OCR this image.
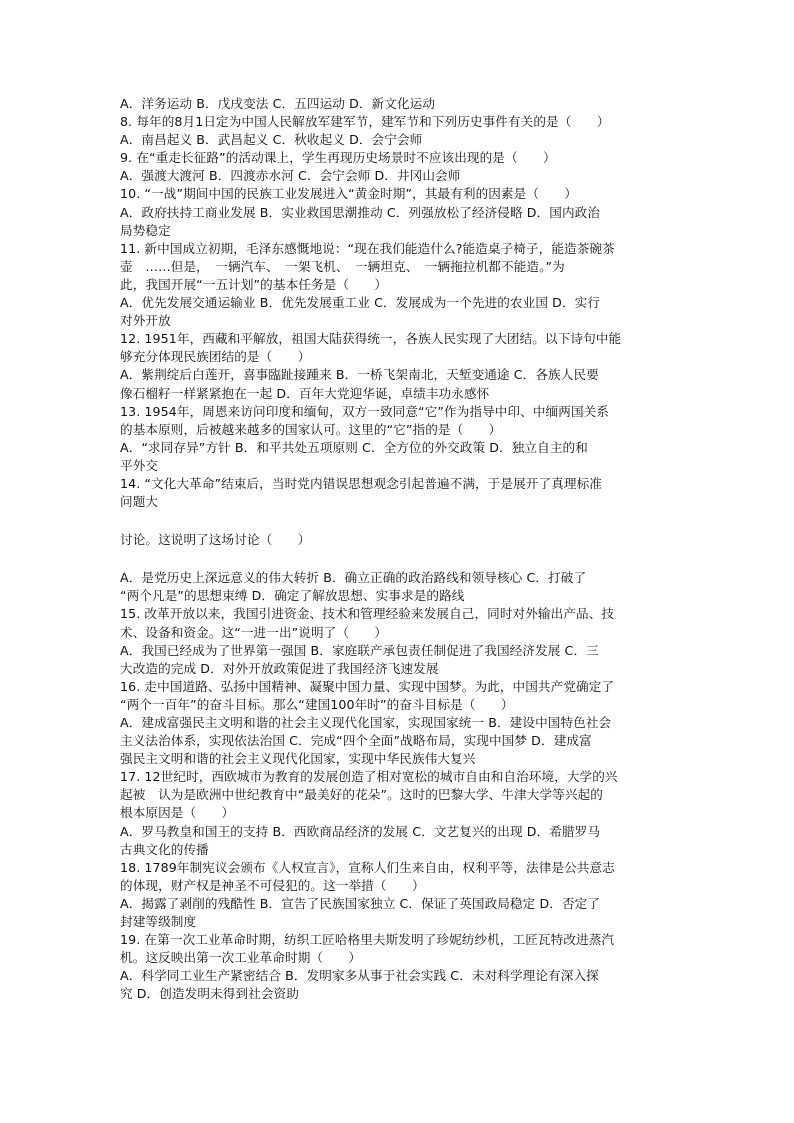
A．洋务运动 B．戊戌变法 C．五四运动 D．新文化运动
8. 每年的8月1日定为中国人民解放军建军节，建军节和下列历史事件有关的是（　　）
A．南昌起义 B．武昌起义 C．秋收起义 D．会宁会师
9. 在“重走长征路”的活动课上，学生再现历史场景时不应该出现的是（　　）
A．强渡大渡河 B．四渡赤水河 C．会宁会师 D．井冈山会师
10. “一战”期间中国的民族工业发展进入“黄金时期”，其最有利的因素是（　　）
A．政府扶持工商业发展 B．实业救国思潮推动 C．列强放松了经济侵略 D．国内政治
局势稳定
11. 新中国成立初期，毛泽东感慨地说：“现在我们能造什么?能造桌子椅子，能造茶碗茶
壶　……但是，　一辆汽车、　一架飞机、　一辆坦克、　一辆拖拉机都不能造。”为
此，我国开展“一五计划”的基本任务是（　　）
A．优先发展交通运输业 B．优先发展重工业 C．发展成为一个先进的农业国 D．实行
对外开放
12. 1951年，西藏和平解放，祖国大陆获得统一，各族人民实现了大团结。以下诗句中能
够充分体现民族团结的是（　　）
A．紫荆绽后白莲开，喜事臨趾接踵来 B．一桥飞架南北，天堑变通途 C．各族人民要
像石榴籽一样紧紧抱在一起 D．百年大党迎华诞，卓绩丰功永感怀
13. 1954年，周恩来访问印度和缅甸，双方一致同意“它”作为指导中印、中缅两国关系
的基本原则，后被越来越多的国家认可。这里的“它”指的是（　　）
A．“求同存异”方针 B．和平共处五项原则 C．全方位的外交政策 D．独立自主的和
平外交
14. “文化大革命”结束后，当时党内错误思想观念引起普遍不满，于是展开了真理标准
问题大
讨论。这说明了这场讨论（　　）
A．是党历史上深远意义的伟大转折 B．确立正确的政治路线和领导核心 C．打破了
“两个凡是”的思想束缚 D．确定了解放思想、实事求是的路线
15. 改革开放以来，我国引进资金、技术和管理经验来发展自己，同时对外输出产品、技
术、设备和资金。这“一进一出”说明了（　　）
A．我国已经成为了世界第一强国 B．家庭联产承包责任制促进了我国经济发展 C．三
大改造的完成 D．对外开放政策促进了我国经济飞速发展
16. 走中国道路、弘扬中国精神、凝聚中国力量、实现中国梦。为此，中国共产党确定了
“两个一百年”的奋斗目标。那么“建国100年时”的奋斗目标是（　　）
A．建成富强民主文明和谐的社会主义现代化国家，实现国家统一 B．建设中国特色社会
主义法治体系，实现依法治国 C．完成“四个全面”战略布局，实现中国梦 D．建成富
强民主文明和谐的社会主义现代化国家，实现中华民族伟大复兴
17. 12世纪时，西欧城市为教育的发展创造了相对宽松的城市自由和自治环境，大学的兴
起被　认为是欧洲中世纪教育中“最美好的花朵”。这时的巴黎大学、牛津大学等兴起的
根本原因是（　　）
A．罗马教皇和国王的支持 B．西欧商品经济的发展 C．文艺复兴的出现 D．希腊罗马
古典文化的传播
18. 1789年制宪议会颁布《人权宣言》，宣称人们生来自由，权利平等，法律是公共意志
的体现，财产权是神圣不可侵犯的。这一举措（　　）
A．揭露了剥削的残酷性 B．宣告了民族国家独立 C．保证了英国政局稳定 D．否定了
封建等级制度
19. 在第一次工业革命时期，纺织工匠哈格里夫斯发明了珍妮纺纱机，工匠瓦特改进蒸汽
机。这反映出第一次工业革命时期（　　）
A．科学同工业生产紧密结合 B．发明家多从事于社会实践 C．未对科学理论有深入探
究 D．创造发明未得到社会资助
